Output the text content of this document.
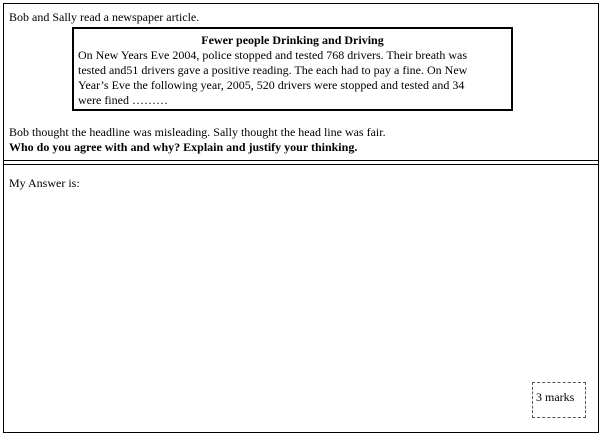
Bob and Sally read a newspaper article.
Fewer people Drinking and Driving
On New Years Eve 2004, police stopped and tested 768 drivers. Their breath was
tested and51 drivers gave a positive reading. The each had to pay a fine. On New
Year’s Eve the following year, 2005, 520 drivers were stopped and tested and 34
were fined ………
Bob thought the headline was misleading. Sally thought the head line was fair.
Who do you agree with and why? Explain and justify your thinking.
My Answer is:
3 marks
